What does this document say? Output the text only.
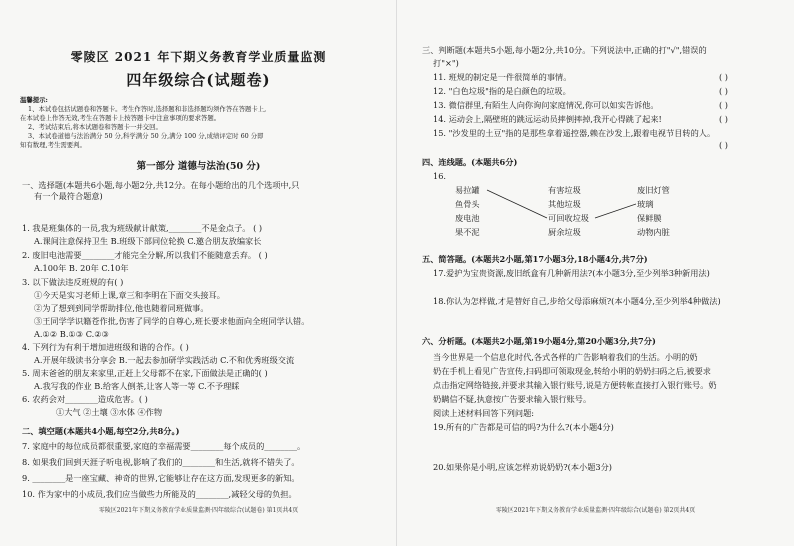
零陵区 2021 年下期义务教育学业质量监测
四年级综合(试题卷)
温馨提示:
1、本试卷包括试题卷和答题卡。考生作答时,选择题和非选择题均须作答在答题卡上,
在本试卷上作答无效,考生在答题卡上按答题卡中注意事项的要求答题。
2、考试结束后,将本试题卷和答题卡一并交回。
3、本试卷道德与法治满分 50 分,科学满分 50 分,满分 100 分,成绩评定时 60 分即
知有数理,考生需要判。
第一部分 道德与法治(50 分)
一、选择题(本题共6小题,每小题2分,共12分。在每小题给出的几个选项中,只
有一个最符合题意)
1. 我是班集体的一员,我为班级献计献策,________不是金点子。 ( )
A.课间注意保持卫生 B.班级下部同位轮换 C.邀合朋友放编家长
2. 废旧电池需要________才能完全分解,所以我们不能随意丢弃。 ( )
A.100年 B. 20年 C.10年
3. 以下做法违反班规的有( )
①今天是实习老师上课,章三和李明在下面交头接耳。
②为了想到到同学帮助排位,他也随着同班做事。
③王同学学识籍苍作批,伤害了同学的自尊心,班长要求他面向全班同学认错。
A.①② B.①③ C.②③
4. 下列行为有利于增加进班级和谐的合作。( )
A.开展年级读书分享会 B.一起去参加研学实践活动 C.不和优秀班级交流
5. 周末爸爸的朋友来家里,正赶上父母都不在家,下面做法是正确的( )
A.我写我的作业 B.给客人倒茶,让客人等一等 C.不予理睬
6. 农药会对________造成危害。( )
①大气 ②土壤 ③水体 ④作物
二、填空题(本题共4小题,每空2分,共8分。)
7. 家庭中的每位成员都很重要,家庭的幸福需要________每个成员的________。
8. 如果我们回到天涯子听电视,影响了我们的________和生活,就将不错失了。
9. ________是一座宝藏、神奇的世界,它能够让存在这方面,发现更多的新知。
10. 作为家中的小成员,我们应当做些力所能及的________,减轻父母的负担。
零陵区2021年下期义务教育学业质量监测·四年级综合(试题卷) 第1页共4页
三、判断题(本题共5小题,每小题2分,共10分。下列说法中,正确的打"√",错误的
打"×")
11. 班规的制定是一件很简单的事情。	( )
12. "白色垃圾"指的是白颜色的垃圾。	( )
13. 微信群里,有陌生人向你询问家庭情况,你可以如实告诉他。	( )
14. 运动会上,隔壁班的跳远运动员摔倒摔掉,我开心得跳了起来!	( )
15. "沙发里的土豆"指的是那些拿着遥控器,赖在沙发上,跟着电视节目转的人。
( )
四、连线题。(本题共6分)
16.
易拉罐
鱼骨头
废电池
果不泥
有害垃圾
其他垃圾
可回收垃圾
厨余垃圾
废旧灯管
玻璃
保鲜膜
动物内脏
五、简答题。(本题共2小题,第17小题3分,18小题4分,共7分)
17.爱护为宝贵资源,废旧纸盒有几种新用法?(本小题3分,至少列举3种新用法)
18.你认为怎样做,才是替好自己,步给父母添麻烦?(本小题4分,至少列举4种做法)
六、分析题。(本题共2小题,第19小题4分,第20小题3分,共7分)
当今世界是一个信息化时代,各式各样的广告影响着我们的生活。小明的奶
奶在手机上看见广告宣传,扫码即可领取现金,转给小明的奶奶扫码之后,被要求
点击指定网络链接,并要求其输入银行账号,说是方便转帐直接打入银行账号。奶
奶瞒信不疑,执意按广告要求输入银行账号。
阅读上述材料回答下列问题:
19.所有的广告都是可信的吗?为什么?(本小题4分)
20.如果你是小明,应该怎样劝说奶奶?(本小题3分)
零陵区2021年下期义务教育学业质量监测·四年级综合(试题卷) 第2页共4页
